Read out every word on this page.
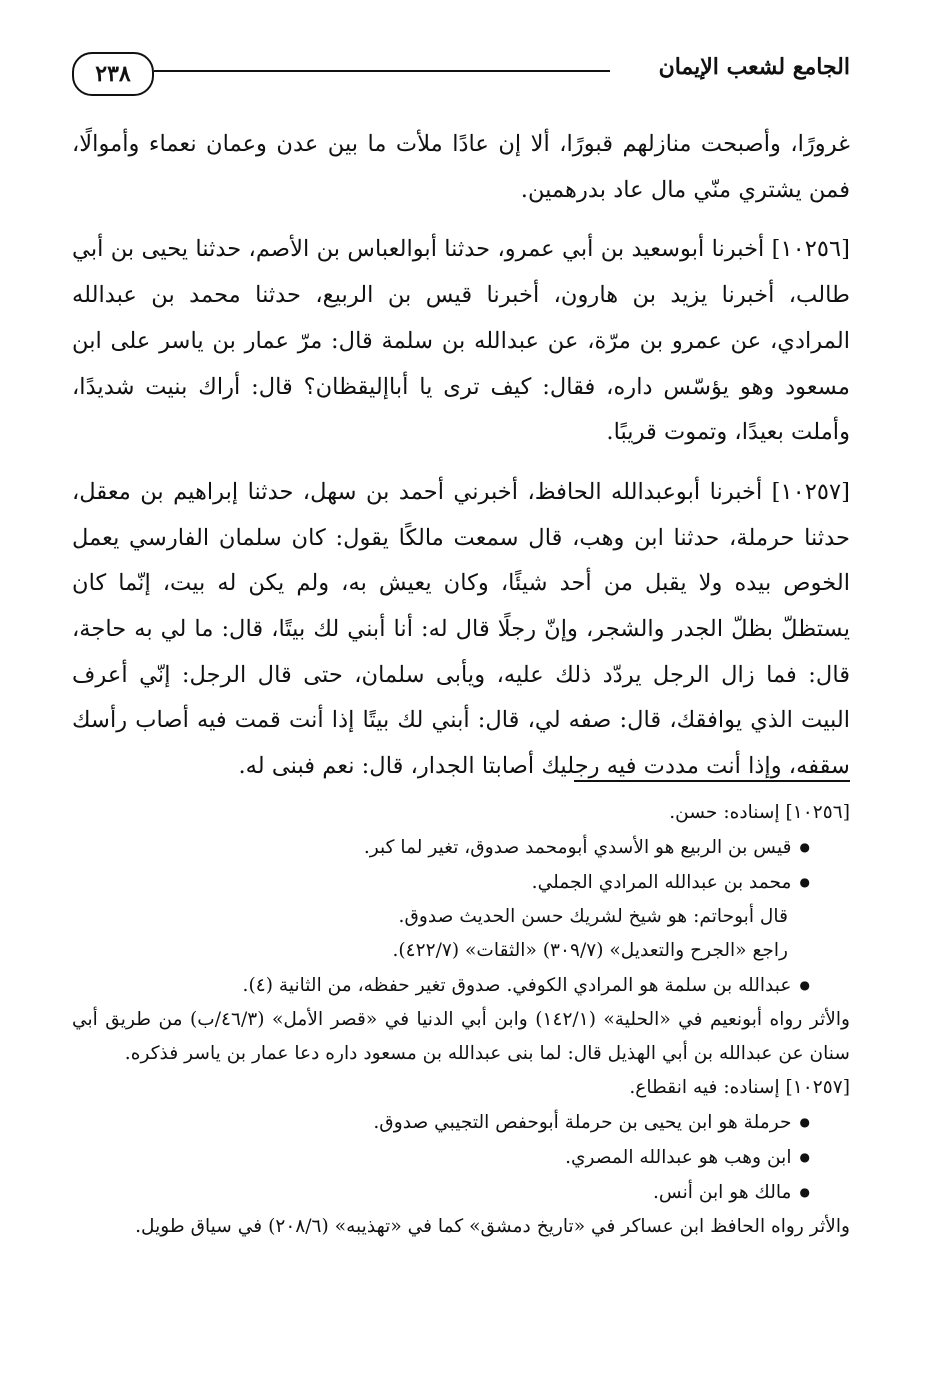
٢٣٨	الجامع لشعب الإيمان

غرورًا، وأصبحت منازلهم قبورًا، ألا إن عادًا ملأت ما بين عدن وعمان نعماء وأموالًا، فمن يشتري منّي مال عاد بدرهمين.

[١٠٢٥٦] أخبرنا أبوسعيد بن أبي عمرو، حدثنا أبوالعباس بن الأصم، حدثنا يحيى بن أبي طالب، أخبرنا يزيد بن هارون، أخبرنا قيس بن الربيع، حدثنا محمد بن عبدالله المرادي، عن عمرو بن مرّة، عن عبدالله بن سلمة قال: مرّ عمار بن ياسر على ابن مسعود وهو يؤسّس داره، فقال: كيف ترى يا أباإليقظان؟ قال: أراك بنيت شديدًا، وأملت بعيدًا، وتموت قريبًا.

[١٠٢٥٧] أخبرنا أبوعبدالله الحافظ، أخبرني أحمد بن سهل، حدثنا إبراهيم بن معقل، حدثنا حرملة، حدثنا ابن وهب، قال سمعت مالكًا يقول: كان سلمان الفارسي يعمل الخوص بيده ولا يقبل من أحد شيئًا، وكان يعيش به، ولم يكن له بيت، إنّما كان يستظلّ بظلّ الجدر والشجر، وإنّ رجلًا قال له: أنا أبني لك بيتًا، قال: ما لي به حاجة، قال: فما زال الرجل يردّد ذلك عليه، ويأبى سلمان، حتى قال الرجل: إنّي أعرف البيت الذي يوافقك، قال: صفه لي، قال: أبني لك بيتًا إذا أنت قمت فيه أصاب رأسك سقفه، وإذا أنت مددت فيه رجليك أصابتا الجدار، قال: نعم فبنى له.

[١٠٢٥٦] إسناده: حسن.

● قيس بن الربيع هو الأسدي أبومحمد صدوق، تغير لما كبر.

● محمد بن عبدالله المرادي الجملي.

قال أبوحاتم: هو شيخ لشريك حسن الحديث صدوق.

راجع «الجرح والتعديل» (٣٠٩/٧) «الثقات» (٤٢٢/٧).

● عبدالله بن سلمة هو المرادي الكوفي. صدوق تغير حفظه، من الثانية (٤).

والأثر رواه أبونعيم في «الحلية» (١٤٢/١) وابن أبي الدنيا في «قصر الأمل» (٤٦/٣/ب) من طريق أبي سنان عن عبدالله بن أبي الهذيل قال: لما بنى عبدالله بن مسعود داره دعا عمار بن ياسر فذكره.

[١٠٢٥٧] إسناده: فيه انقطاع.

● حرملة هو ابن يحيى بن حرملة أبوحفص التجيبي صدوق.

● ابن وهب هو عبدالله المصري.

● مالك هو ابن أنس.

والأثر رواه الحافظ ابن عساكر في «تاريخ دمشق» كما في «تهذيبه» (٢٠٨/٦) في سياق طويل.
